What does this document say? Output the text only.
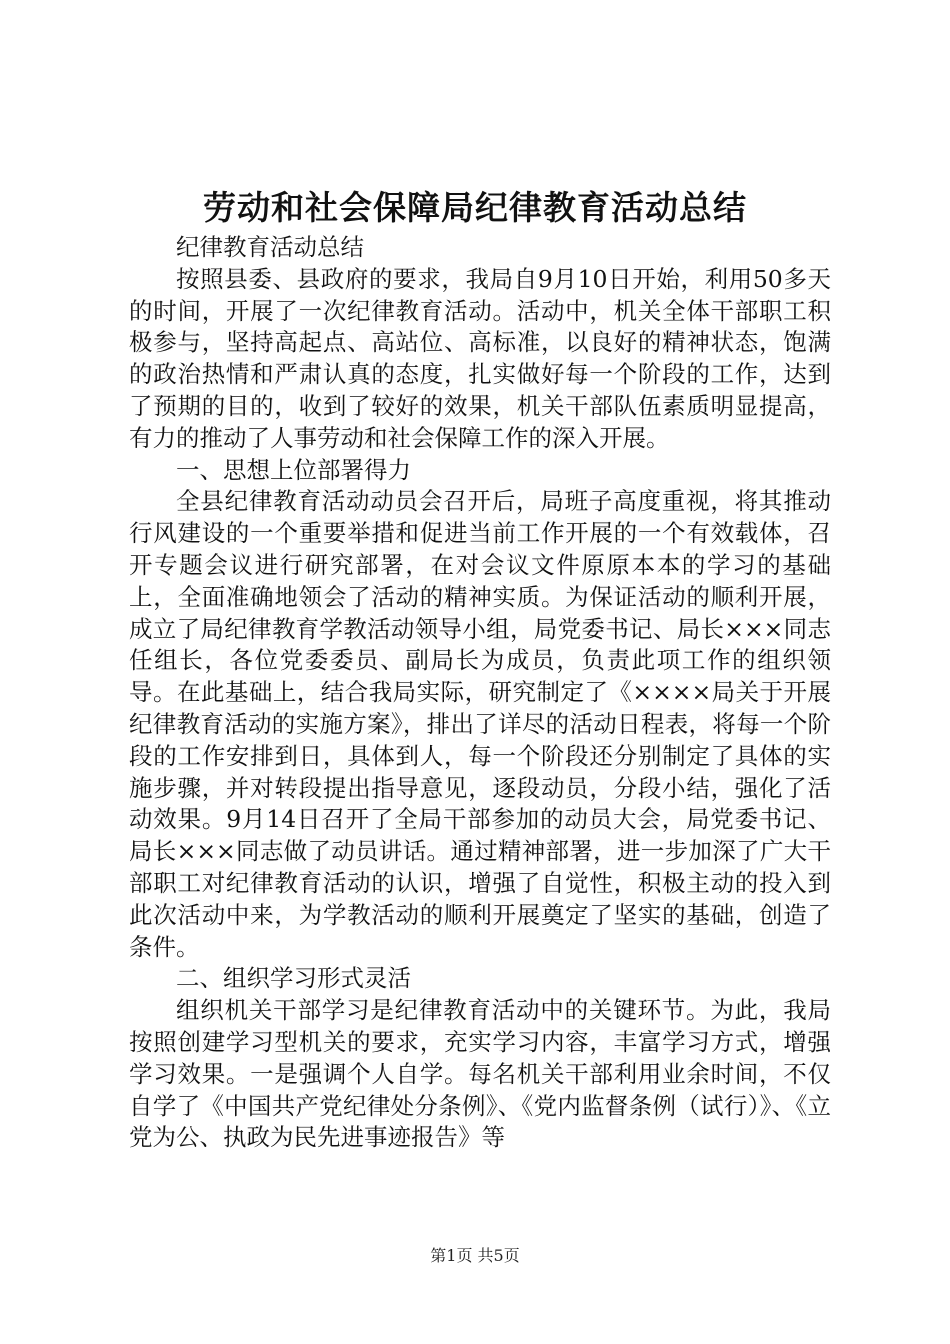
劳动和社会保障局纪律教育活动总结

纪律教育活动总结

按照县委、县政府的要求，我局自9月10日开始，利用50多天的时间，开展了一次纪律教育活动。活动中，机关全体干部职工积极参与，坚持高起点、高站位、高标准，以良好的精神状态，饱满的政治热情和严肃认真的态度，扎实做好每一个阶段的工作，达到了预期的目的，收到了较好的效果，机关干部队伍素质明显提高，有力的推动了人事劳动和社会保障工作的深入开展。

一、思想上位部署得力

全县纪律教育活动动员会召开后，局班子高度重视，将其推动行风建设的一个重要举措和促进当前工作开展的一个有效载体，召开专题会议进行研究部署，在对会议文件原原本本的学习的基础上，全面准确地领会了活动的精神实质。为保证活动的顺利开展，成立了局纪律教育学教活动领导小组，局党委书记、局长×××同志任组长，各位党委委员、副局长为成员，负责此项工作的组织领导。在此基础上，结合我局实际，研究制定了《××××局关于开展纪律教育活动的实施方案》，排出了详尽的活动日程表，将每一个阶段的工作安排到日，具体到人，每一个阶段还分别制定了具体的实施步骤，并对转段提出指导意见，逐段动员，分段小结，强化了活动效果。9月14日召开了全局干部参加的动员大会，局党委书记、局长×××同志做了动员讲话。通过精神部署，进一步加深了广大干部职工对纪律教育活动的认识，增强了自觉性，积极主动的投入到此次活动中来，为学教活动的顺利开展奠定了坚实的基础，创造了条件。

二、组织学习形式灵活

组织机关干部学习是纪律教育活动中的关键环节。为此，我局按照创建学习型机关的要求，充实学习内容，丰富学习方式，增强学习效果。一是强调个人自学。每名机关干部利用业余时间，不仅自学了《中国共产党纪律处分条例》、《党内监督条例（试行）》、《立党为公、执政为民先进事迹报告》等

第1页 共5页
